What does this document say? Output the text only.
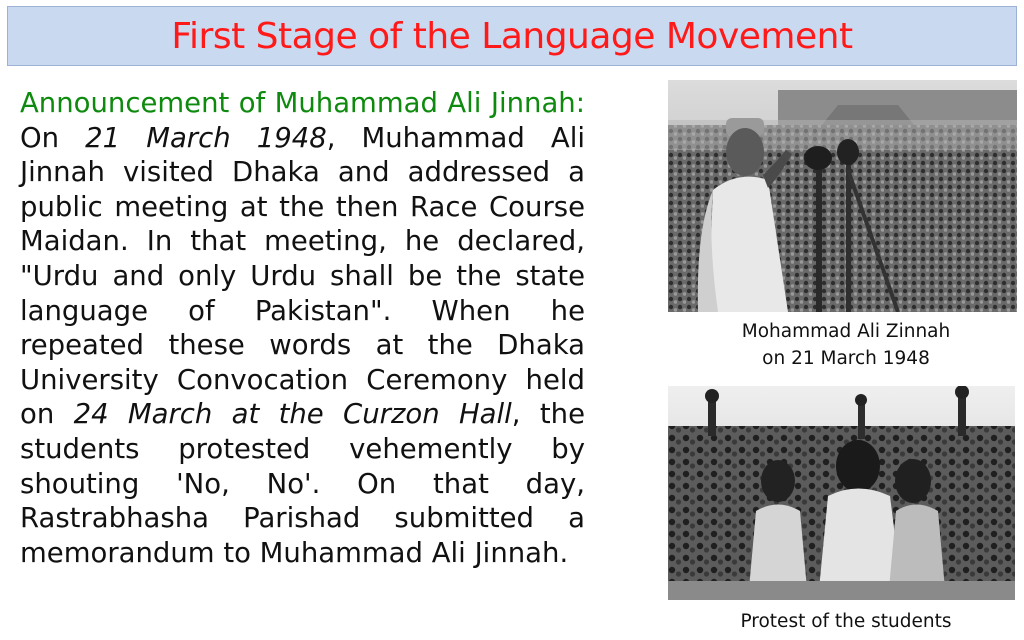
First Stage of the Language Movement
Announcement of Muhammad Ali Jinnah: On 21 March 1948, Muhammad Ali Jinnah visited Dhaka and addressed a public meeting at the then Race Course Maidan. In that meeting, he declared, "Urdu and only Urdu shall be the state language of Pakistan". When he repeated these words at the Dhaka University Convocation Ceremony held on 24 March at the Curzon Hall, the students protested vehemently by shouting 'No, No'. On that day, Rastrabhasha Parishad submitted a memorandum to Muhammad Ali Jinnah.
Mohammad Ali Zinnah
on 21 March 1948
Protest of the students
